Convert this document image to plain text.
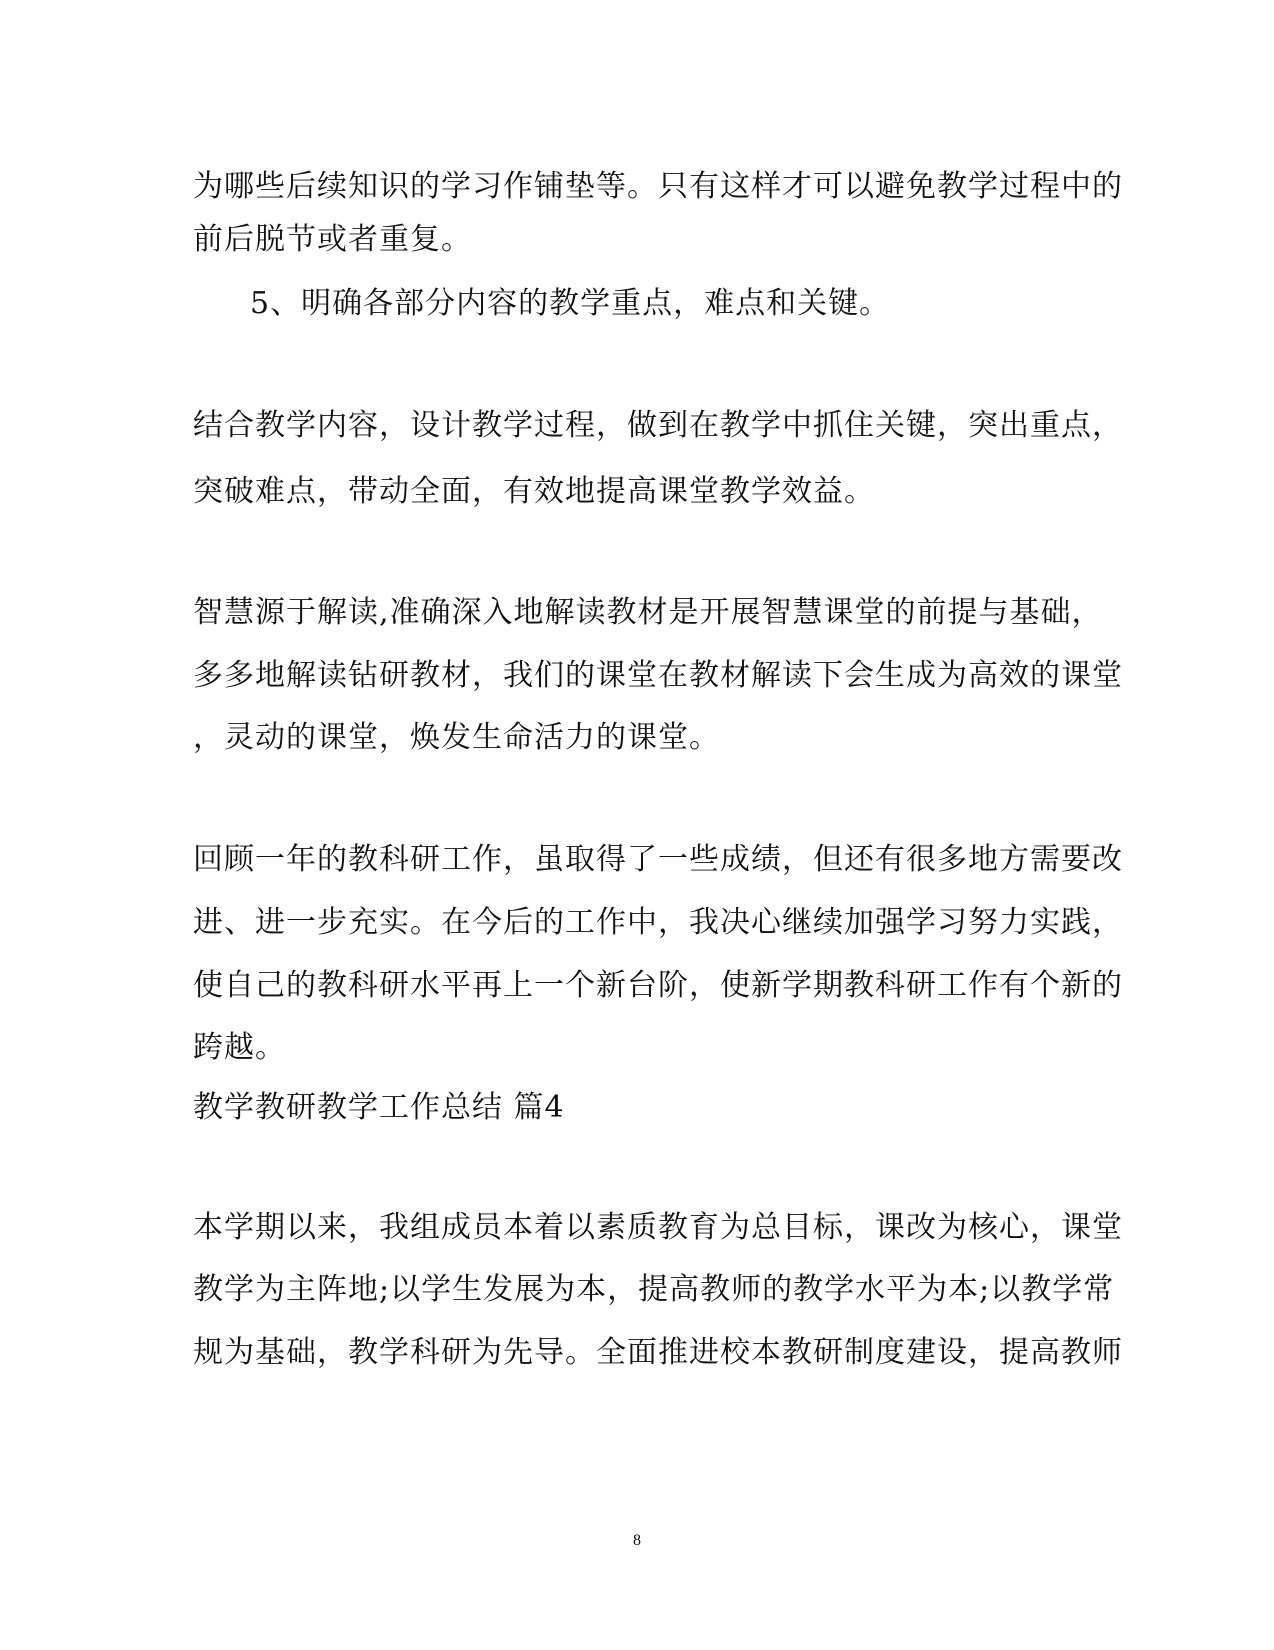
为哪些后续知识的学习作铺垫等。只有这样才可以避免教学过程中的
前后脱节或者重复。
5、明确各部分内容的教学重点，难点和关键。
结合教学内容，设计教学过程，做到在教学中抓住关键，突出重点，
突破难点，带动全面，有效地提高课堂教学效益。
智慧源于解读,准确深入地解读教材是开展智慧课堂的前提与基础，
多多地解读钻研教材，我们的课堂在教材解读下会生成为高效的课堂
，灵动的课堂，焕发生命活力的课堂。
回顾一年的教科研工作，虽取得了一些成绩，但还有很多地方需要改
进、进一步充实。在今后的工作中，我决心继续加强学习努力实践，
使自己的教科研水平再上一个新台阶，使新学期教科研工作有个新的
跨越。
教学教研教学工作总结 篇4
本学期以来，我组成员本着以素质教育为总目标，课改为核心，课堂
教学为主阵地;以学生发展为本，提高教师的教学水平为本;以教学常
规为基础，教学科研为先导。全面推进校本教研制度建设，提高教师
8
